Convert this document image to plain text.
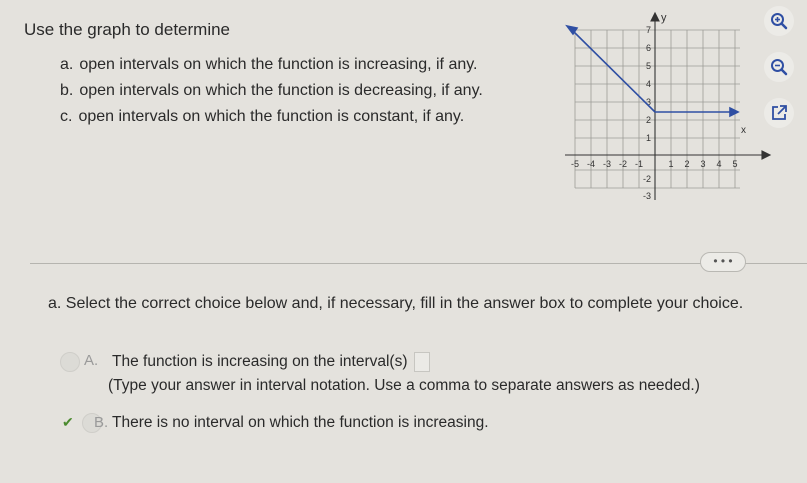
Use the graph to determine
a. open intervals on which the function is increasing, if any.
b. open intervals on which the function is decreasing, if any.
c. open intervals on which the function is constant, if any.
y
x
-5 -4 -3 -2 -1	1 2 3 4 5
7
6
5
4
3
2
1
-2
-3
• • •
a. Select the correct choice below and, if necessary, fill in the answer box to complete your choice.
A. The function is increasing on the interval(s)
(Type your answer in interval notation. Use a comma to separate answers as needed.)
✔ B. There is no interval on which the function is increasing.
